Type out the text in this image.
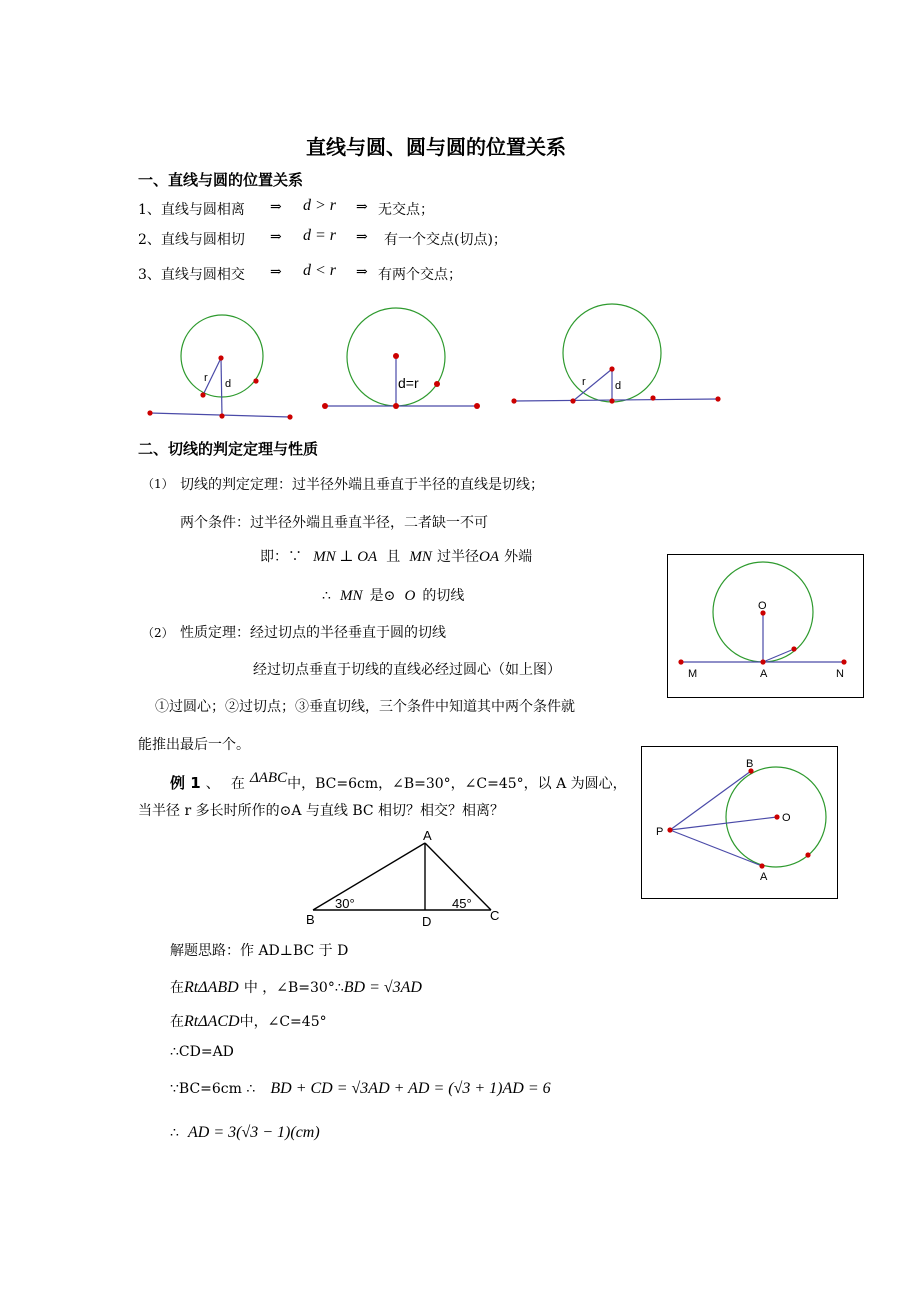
直线与圆、圆与圆的位置关系
一、直线与圆的位置关系
1、直线与圆相离 ⇒ d > r ⇒ 无交点；
2、直线与圆相切 ⇒ d = r ⇒ 有一个交点(切点)；
3、直线与圆相交 ⇒ d < r ⇒ 有两个交点；
r d	d=r	r	d
二、切线的判定定理与性质
（1） 切线的判定定理：过半径外端且垂直于半径的直线是切线；
两个条件：过半径外端且垂直半径，二者缺一不可
即：∵ MN ⊥ OA 且 MN 过半径OA 外端
∴ MN 是⊙ O 的切线
（2） 性质定理：经过切点的半径垂直于圆的切线
经过切点垂直于切线的直线必经过圆心（如上图）
①过圆心；②过切点；③垂直切线，三个条件中知道其中两个条件就
能推出最后一个。
O
M	A	N
例 1 、 在 ΔABC中，BC=6cm，∠B=30°，∠C=45°，以 A 为圆心，
当半径 r 多长时所作的⊙A 与直线 BC 相切？相交？相离？
A
B	C
D
30°	45°
B
O
P
A
解题思路：作 AD⊥BC 于 D
在RtΔABD 中 ，∠B=30°∴BD = √3AD
在RtΔACD中，∠C=45°
∴CD=AD
∵BC=6cm ∴ BD + CD = √3AD + AD = (√3 + 1)AD = 6
∴ AD = 3(√3 − 1)(cm)
